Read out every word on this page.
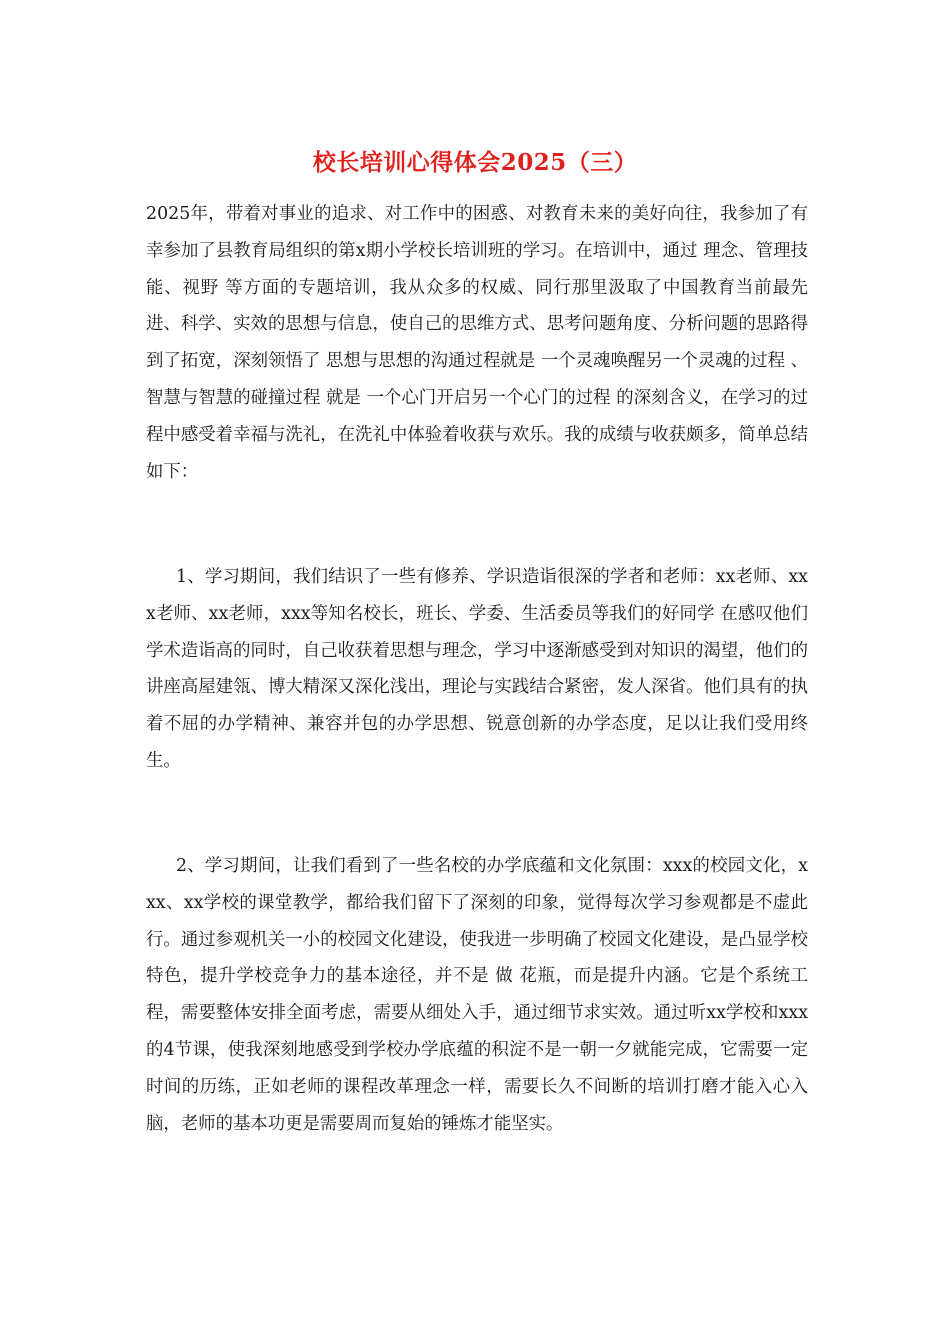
校长培训心得体会2025（三）

2025年，带着对事业的追求、对工作中的困惑、对教育未来的美好向往，我参加了有幸参加了县教育局组织的第x期小学校长培训班的学习。在培训中，通过 理念、管理技能、视野 等方面的专题培训，我从众多的权威、同行那里汲取了中国教育当前最先进、科学、实效的思想与信息，使自己的思维方式、思考问题角度、分析问题的思路得到了拓宽，深刻领悟了 思想与思想的沟通过程就是 一个灵魂唤醒另一个灵魂的过程 、 智慧与智慧的碰撞过程 就是 一个心门开启另一个心门的过程 的深刻含义，在学习的过程中感受着幸福与洗礼，在洗礼中体验着收获与欢乐。我的成绩与收获颇多，简单总结如下：

1、学习期间，我们结识了一些有修养、学识造诣很深的学者和老师：xx老师、xxx老师、xx老师，xxx等知名校长，班长、学委、生活委员等我们的好同学 在感叹他们学术造诣高的同时，自己收获着思想与理念，学习中逐渐感受到对知识的渴望，他们的讲座高屋建瓴、博大精深又深化浅出，理论与实践结合紧密，发人深省。他们具有的执着不屈的办学精神、兼容并包的办学思想、锐意创新的办学态度，足以让我们受用终生。

2、学习期间，让我们看到了一些名校的办学底蕴和文化氛围：xxx的校园文化，xxx、xx学校的课堂教学，都给我们留下了深刻的印象，觉得每次学习参观都是不虚此行。通过参观机关一小的校园文化建设，使我进一步明确了校园文化建设，是凸显学校特色，提升学校竞争力的基本途径，并不是 做 花瓶，而是提升内涵。它是个系统工程，需要整体安排全面考虑，需要从细处入手，通过细节求实效。通过听xx学校和xxx的4节课，使我深刻地感受到学校办学底蕴的积淀不是一朝一夕就能完成，它需要一定时间的历练，正如老师的课程改革理念一样，需要长久不间断的培训打磨才能入心入脑，老师的基本功更是需要周而复始的锤炼才能坚实。
